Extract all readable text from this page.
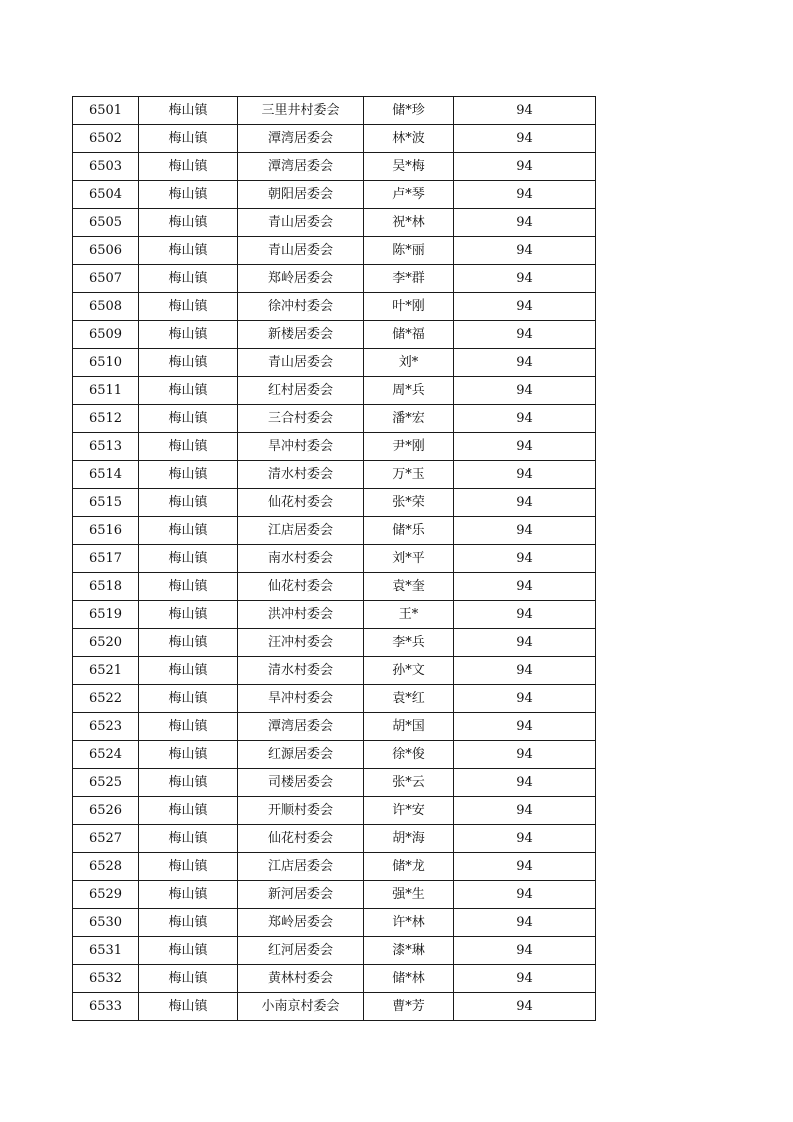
6501	梅山镇	三里井村委会	储*珍	94
6502	梅山镇	潭湾居委会	林*波	94
6503	梅山镇	潭湾居委会	吴*梅	94
6504	梅山镇	朝阳居委会	卢*琴	94
6505	梅山镇	青山居委会	祝*林	94
6506	梅山镇	青山居委会	陈*丽	94
6507	梅山镇	郑岭居委会	李*群	94
6508	梅山镇	徐冲村委会	叶*刚	94
6509	梅山镇	新楼居委会	储*福	94
6510	梅山镇	青山居委会	刘*	94
6511	梅山镇	红村居委会	周*兵	94
6512	梅山镇	三合村委会	潘*宏	94
6513	梅山镇	旱冲村委会	尹*刚	94
6514	梅山镇	清水村委会	万*玉	94
6515	梅山镇	仙花村委会	张*荣	94
6516	梅山镇	江店居委会	储*乐	94
6517	梅山镇	南水村委会	刘*平	94
6518	梅山镇	仙花村委会	袁*奎	94
6519	梅山镇	洪冲村委会	王*	94
6520	梅山镇	汪冲村委会	李*兵	94
6521	梅山镇	清水村委会	孙*文	94
6522	梅山镇	旱冲村委会	袁*红	94
6523	梅山镇	潭湾居委会	胡*国	94
6524	梅山镇	红源居委会	徐*俊	94
6525	梅山镇	司楼居委会	张*云	94
6526	梅山镇	开顺村委会	许*安	94
6527	梅山镇	仙花村委会	胡*海	94
6528	梅山镇	江店居委会	储*龙	94
6529	梅山镇	新河居委会	强*生	94
6530	梅山镇	郑岭居委会	许*林	94
6531	梅山镇	红河居委会	漆*琳	94
6532	梅山镇	黄林村委会	储*林	94
6533	梅山镇	小南京村委会	曹*芳	94
